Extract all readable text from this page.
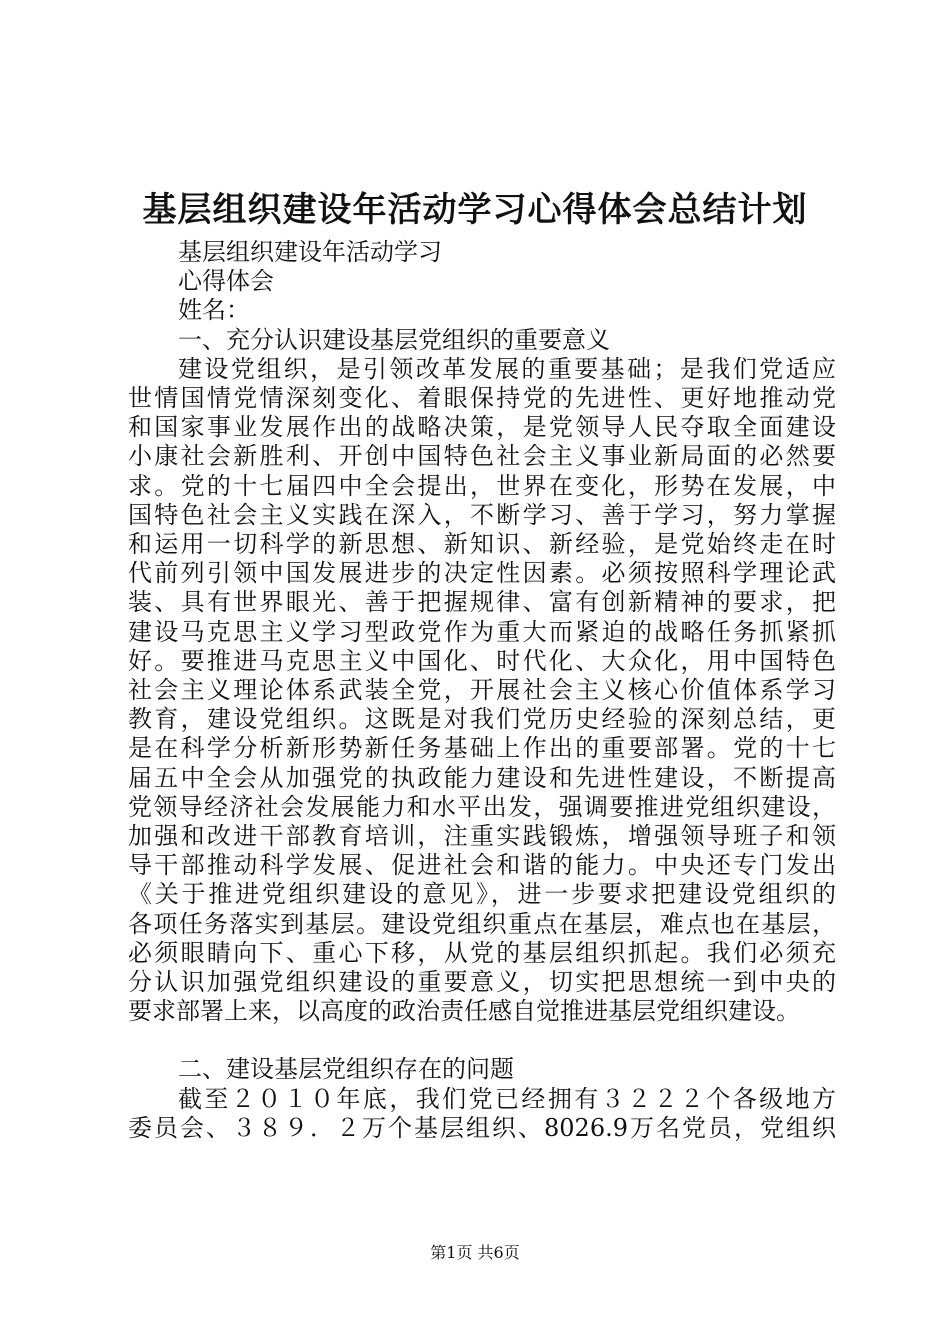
基层组织建设年活动学习心得体会总结计划

基层组织建设年活动学习

心得体会

姓名：

一、充分认识建设基层党组织的重要意义

建设党组织，是引领改革发展的重要基础；是我们党适应

世情国情党情深刻变化、着眼保持党的先进性、更好地推动党

和国家事业发展作出的战略决策，是党领导人民夺取全面建设

小康社会新胜利、开创中国特色社会主义事业新局面的必然要

求。党的十七届四中全会提出，世界在变化，形势在发展，中

国特色社会主义实践在深入，不断学习、善于学习，努力掌握

和运用一切科学的新思想、新知识、新经验，是党始终走在时

代前列引领中国发展进步的决定性因素。必须按照科学理论武

装、具有世界眼光、善于把握规律、富有创新精神的要求，把

建设马克思主义学习型政党作为重大而紧迫的战略任务抓紧抓

好。要推进马克思主义中国化、时代化、大众化，用中国特色

社会主义理论体系武装全党，开展社会主义核心价值体系学习

教育，建设党组织。这既是对我们党历史经验的深刻总结，更

是在科学分析新形势新任务基础上作出的重要部署。党的十七

届五中全会从加强党的执政能力建设和先进性建设，不断提高

党领导经济社会发展能力和水平出发，强调要推进党组织建设，

加强和改进干部教育培训，注重实践锻炼，增强领导班子和领

导干部推动科学发展、促进社会和谐的能力。中央还专门发出

《关于推进党组织建设的意见》，进一步要求把建设党组织的

各项任务落实到基层。建设党组织重点在基层，难点也在基层，

必须眼睛向下、重心下移，从党的基层组织抓起。我们必须充

分认识加强党组织建设的重要意义，切实把思想统一到中央的

要求部署上来，以高度的政治责任感自觉推进基层党组织建设。

二、建设基层党组织存在的问题

截至２０１０年底，我们党已经拥有３２２２个各级地方

委员会、３８９．２万个基层组织、8026.9万名党员，党组织

第1页 共6页
